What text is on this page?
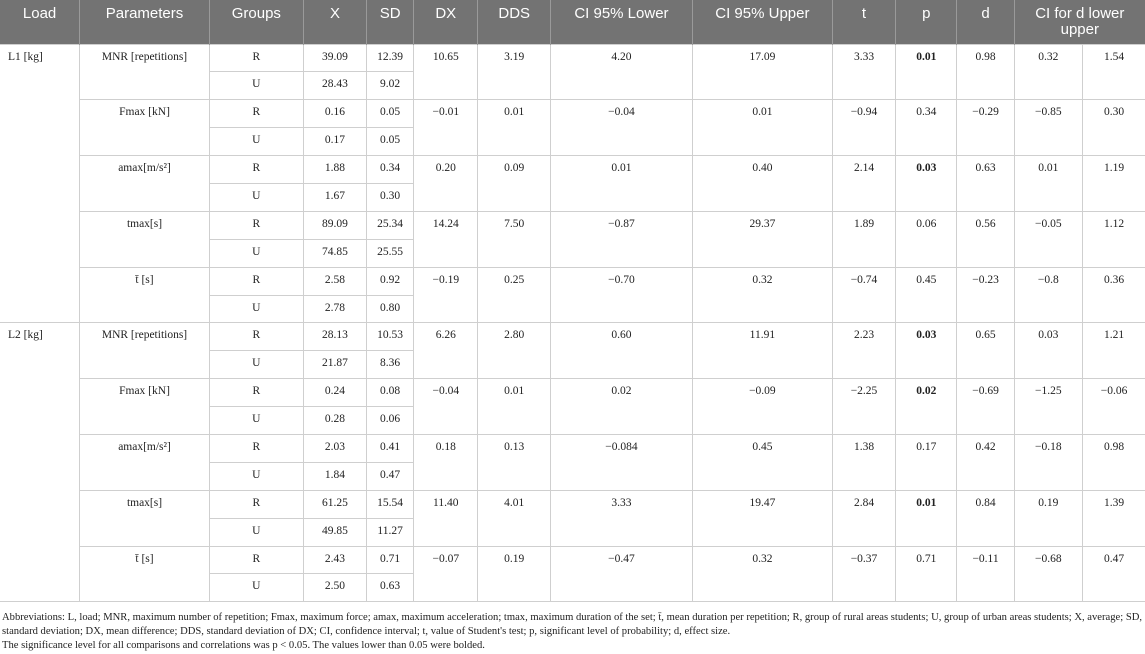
Load	Parameters	Groups	X	SD	DX	DDS	CI 95% Lower	CI 95% Upper	t	p	d	CI for d lower upper	
L1 [kg]	MNR [repetitions]	R	39.09	12.39	10.65	3.19	4.20	17.09	3.33	0.01	0.98	0.32	1.54
		U	28.43	9.02									
	Fmax [kN]	R	0.16	0.05	−0.01	0.01	−0.04	0.01	−0.94	0.34	−0.29	−0.85	0.30
		U	0.17	0.05									
	amax[m/s²]	R	1.88	0.34	0.20	0.09	0.01	0.40	2.14	0.03	0.63	0.01	1.19
		U	1.67	0.30									
	tmax[s]	R	89.09	25.34	14.24	7.50	−0.87	29.37	1.89	0.06	0.56	−0.05	1.12
		U	74.85	25.55									
	t̄ [s]	R	2.58	0.92	−0.19	0.25	−0.70	0.32	−0.74	0.45	−0.23	−0.8	0.36
		U	2.78	0.80									
L2 [kg]	MNR [repetitions]	R	28.13	10.53	6.26	2.80	0.60	11.91	2.23	0.03	0.65	0.03	1.21
		U	21.87	8.36									
	Fmax [kN]	R	0.24	0.08	−0.04	0.01	0.02	−0.09	−2.25	0.02	−0.69	−1.25	−0.06
		U	0.28	0.06									
	amax[m/s²]	R	2.03	0.41	0.18	0.13	−0.084	0.45	1.38	0.17	0.42	−0.18	0.98
		U	1.84	0.47									
	tmax[s]	R	61.25	15.54	11.40	4.01	3.33	19.47	2.84	0.01	0.84	0.19	1.39
		U	49.85	11.27									
	t̄ [s]	R	2.43	0.71	−0.07	0.19	−0.47	0.32	−0.37	0.71	−0.11	−0.68	0.47
		U	2.50	0.63									
Abbreviations: L, load; MNR, maximum number of repetition; Fmax, maximum force; amax, maximum acceleration; tmax, maximum duration of the set; t̄, mean duration per repetition; R, group of rural areas students; U, group of urban areas students; X, average; SD, standard deviation; DX, mean difference; DDS, standard deviation of DX; CI, confidence interval; t, value of Student's test; p, significant level of probability; d, effect size.
The significance level for all comparisons and correlations was p < 0.05. The values lower than 0.05 were bolded.
